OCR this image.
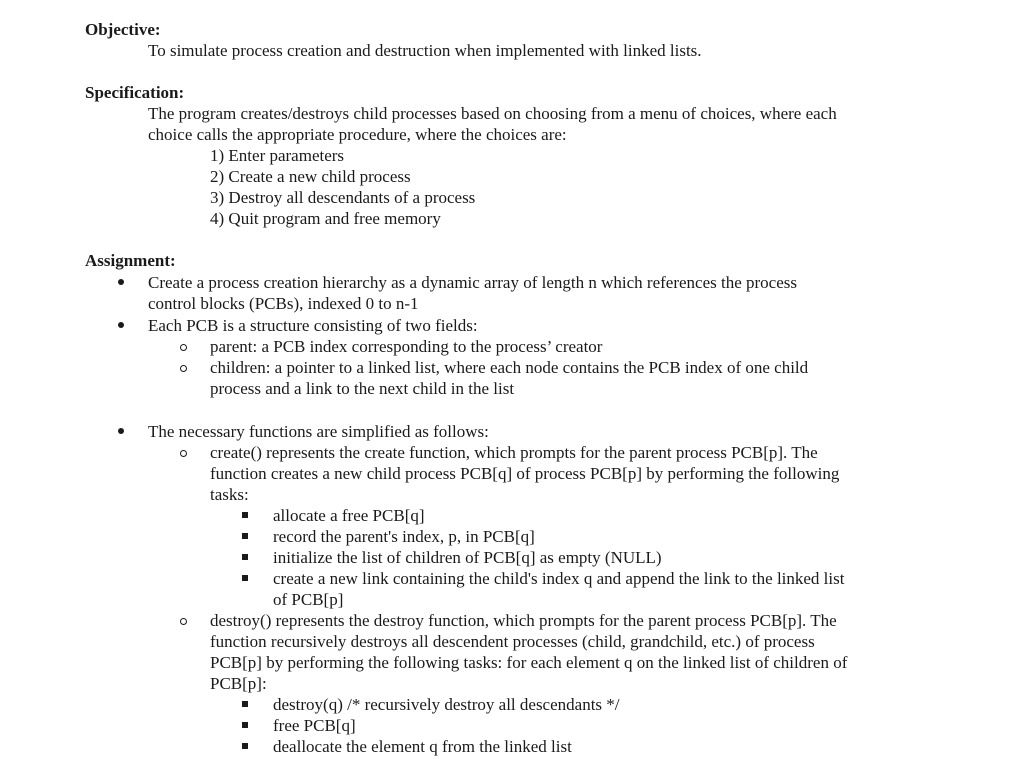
Objective:
To simulate process creation and destruction when implemented with linked lists.
Specification:
The program creates/destroys child processes based on choosing from a menu of choices, where each
choice calls the appropriate procedure, where the choices are:
1) Enter parameters
2) Create a new child process
3) Destroy all descendants of a process
4) Quit program and free memory
Assignment:
Create a process creation hierarchy as a dynamic array of length n which references the process
control blocks (PCBs), indexed 0 to n-1
Each PCB is a structure consisting of two fields:
parent: a PCB index corresponding to the process’ creator
children: a pointer to a linked list, where each node contains the PCB index of one child
process and a link to the next child in the list
The necessary functions are simplified as follows:
create() represents the create function, which prompts for the parent process PCB[p]. The
function creates a new child process PCB[q] of process PCB[p] by performing the following
tasks:
allocate a free PCB[q]
record the parent's index, p, in PCB[q]
initialize the list of children of PCB[q] as empty (NULL)
create a new link containing the child's index q and append the link to the linked list
of PCB[p]
destroy() represents the destroy function, which prompts for the parent process PCB[p]. The
function recursively destroys all descendent processes (child, grandchild, etc.) of process
PCB[p] by performing the following tasks: for each element q on the linked list of children of
PCB[p]:
destroy(q) /* recursively destroy all descendants */
free PCB[q]
deallocate the element q from the linked list
